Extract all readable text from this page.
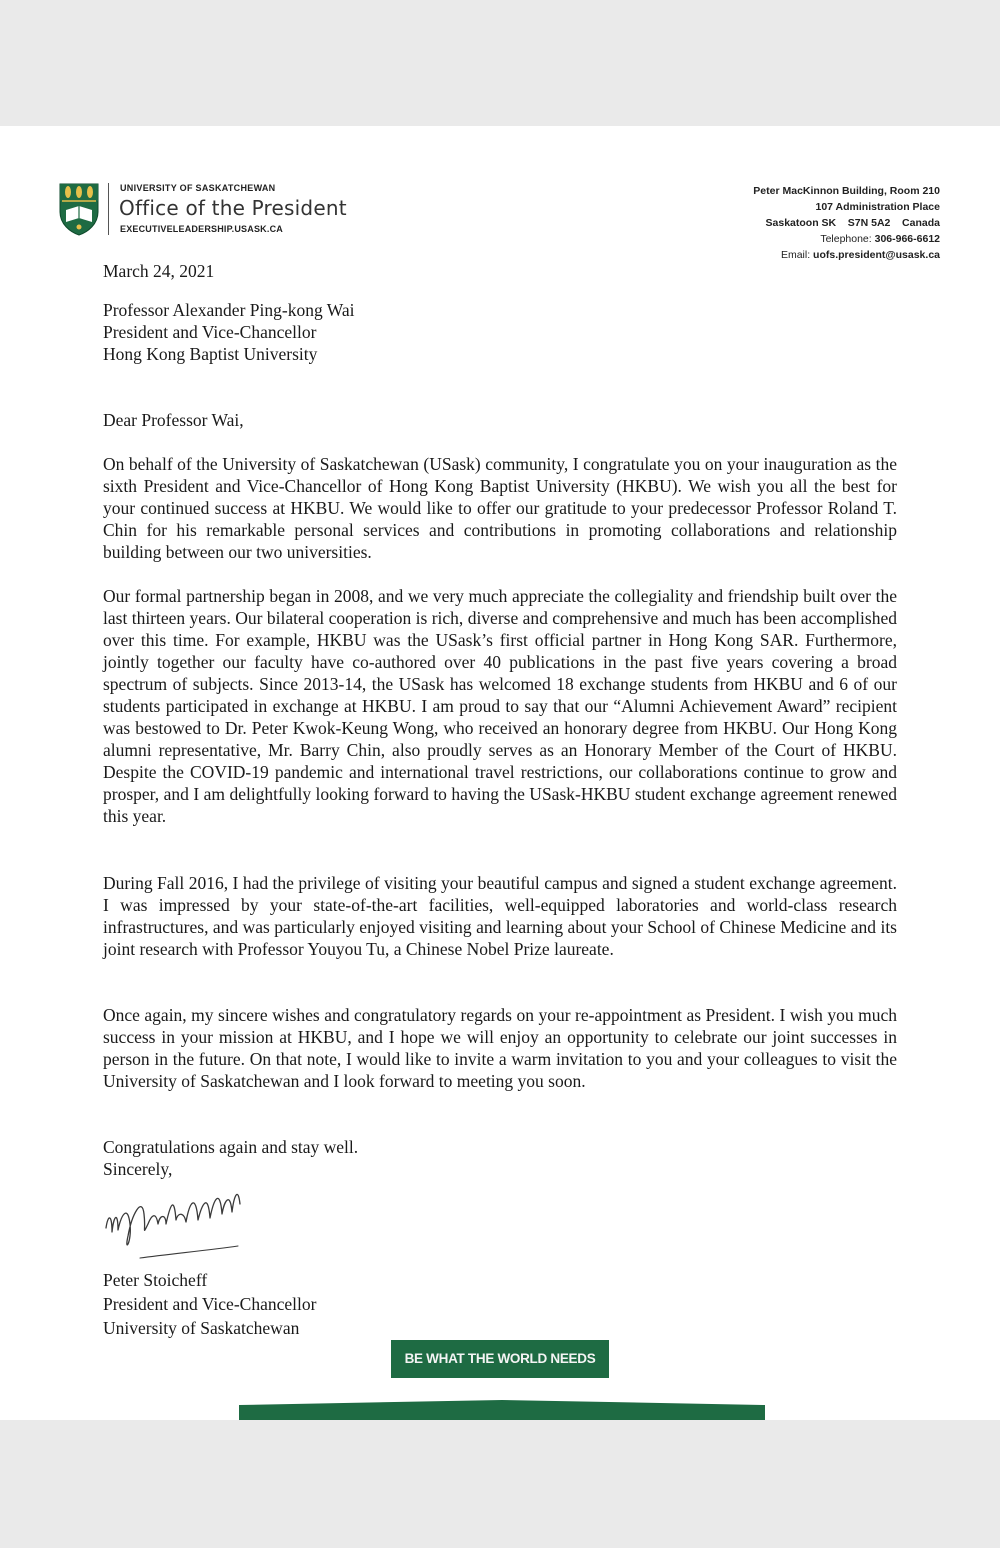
UNIVERSITY OF SASKATCHEWAN
Office of the President
EXECUTIVELEADERSHIP.USASK.CA
Peter MacKinnon Building, Room 210
107 Administration Place
Saskatoon SK    S7N 5A2    Canada
Telephone: 306-966-6612
Email: uofs.president@usask.ca
March 24, 2021
Professor Alexander Ping-kong Wai
President and Vice-Chancellor
Hong Kong Baptist University
Dear Professor Wai,
On behalf of the University of Saskatchewan (USask) community, I congratulate you on your inauguration as the sixth President and Vice-Chancellor of Hong Kong Baptist University (HKBU). We wish you all the best for your continued success at HKBU. We would like to offer our gratitude to your predecessor Professor Roland T. Chin for his remarkable personal services and contributions in promoting collaborations and relationship building between our two universities.
Our formal partnership began in 2008, and we very much appreciate the collegiality and friendship built over the last thirteen years. Our bilateral cooperation is rich, diverse and comprehensive and much has been accomplished over this time. For example, HKBU was the USask’s first official partner in Hong Kong SAR. Furthermore, jointly together our faculty have co-authored over 40 publications in the past five years covering a broad spectrum of subjects. Since 2013-14, the USask has welcomed 18 exchange students from HKBU and 6 of our students participated in exchange at HKBU. I am proud to say that our “Alumni Achievement Award” recipient was bestowed to Dr. Peter Kwok-Keung Wong, who received an honorary degree from HKBU. Our Hong Kong alumni representative, Mr. Barry Chin, also proudly serves as an Honorary Member of the Court of HKBU. Despite the COVID-19 pandemic and international travel restrictions, our collaborations continue to grow and prosper, and I am delightfully looking forward to having the USask-HKBU student exchange agreement renewed this year.
During Fall 2016, I had the privilege of visiting your beautiful campus and signed a student exchange agreement. I was impressed by your state-of-the-art facilities, well-equipped laboratories and world-class research infrastructures, and was particularly enjoyed visiting and learning about your School of Chinese Medicine and its joint research with Professor Youyou Tu, a Chinese Nobel Prize laureate.
Once again, my sincere wishes and congratulatory regards on your re-appointment as President. I wish you much success in your mission at HKBU, and I hope we will enjoy an opportunity to celebrate our joint successes in person in the future. On that note, I would like to invite a warm invitation to you and your colleagues to visit the University of Saskatchewan and I look forward to meeting you soon.
Congratulations again and stay well.
Sincerely,
Peter Stoicheff
President and Vice-Chancellor
University of Saskatchewan
BE WHAT THE WORLD NEEDS
